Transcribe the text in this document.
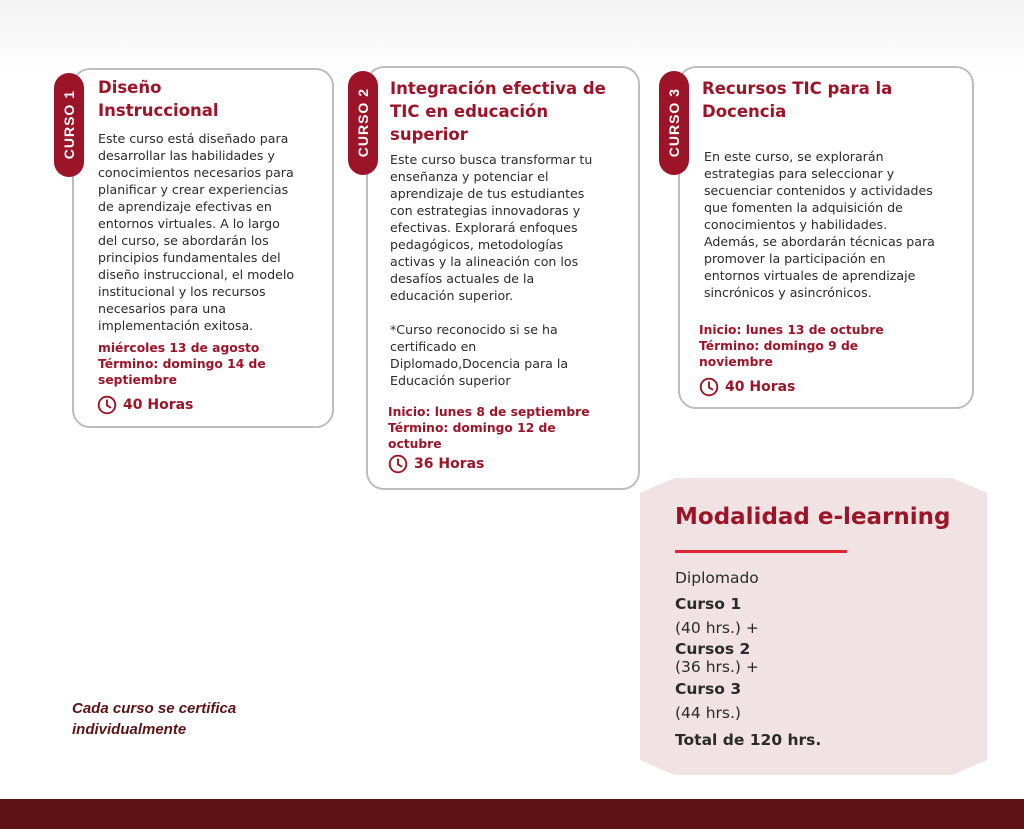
CURSO 1
Diseño
Instruccional
Este curso está diseñado para
desarrollar las habilidades y
conocimientos necesarios para
planificar y crear experiencias
de aprendizaje efectivas en
entornos virtuales. A lo largo
del curso, se abordarán los
principios fundamentales del
diseño instruccional, el modelo
institucional y los recursos
necesarios para una
implementación exitosa.
miércoles 13 de agosto
Término: domingo 14 de
septiembre
40 Horas
CURSO 2 Integración efectiva de
TIC en educación
superior
Este curso busca transformar tu
enseñanza y potenciar el
aprendizaje de tus estudiantes
con estrategias innovadoras y
efectivas. Explorará enfoques
pedagógicos, metodologías
activas y la alineación con los
desafíos actuales de la
educación superior.
*Curso reconocido si se ha
certificado en
Diplomado,Docencia para la
Educación superior
Inicio: lunes 8 de septiembre
Término: domingo 12 de
octubre
36 Horas
CURSO 3 Recursos TIC para la
Docencia
En este curso, se explorarán
estrategias para seleccionar y
secuenciar contenidos y actividades
que fomenten la adquisición de
conocimientos y habilidades.
Además, se abordarán técnicas para
promover la participación en
entornos virtuales de aprendizaje
sincrónicos y asincrónicos.
Inicio: lunes 13 de octubre
Término: domingo 9 de
noviembre
40 Horas
Cada curso se certifica
individualmente
Modalidad e-learning
Diplomado
Curso 1
(40 hrs.) +
Cursos 2
(36 hrs.) +
Curso 3
(44 hrs.)
Total de 120 hrs.
